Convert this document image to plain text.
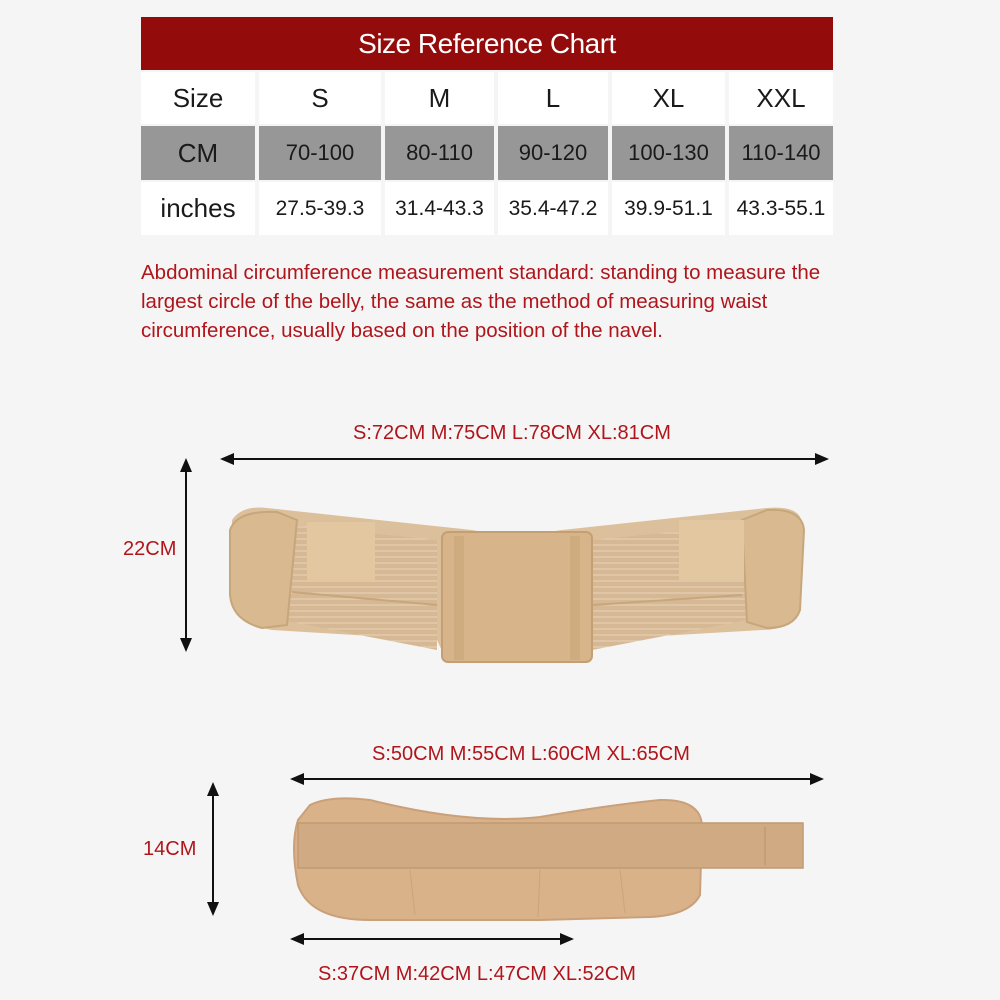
Size Reference Chart
Size	S	M	L	XL	XXL
CM	70-100	80-110	90-120	100-130	110-140
inches	27.5-39.3	31.4-43.3	35.4-47.2	39.9-51.1	43.3-55.1
Abdominal circumference measurement standard: standing to measure the largest circle of the belly, the same as the method of measuring waist circumference, usually based on the position of the navel.
S:72CM M:75CM L:78CM XL:81CM
22CM
S:50CM M:55CM L:60CM XL:65CM
14CM
S:37CM M:42CM L:47CM XL:52CM
